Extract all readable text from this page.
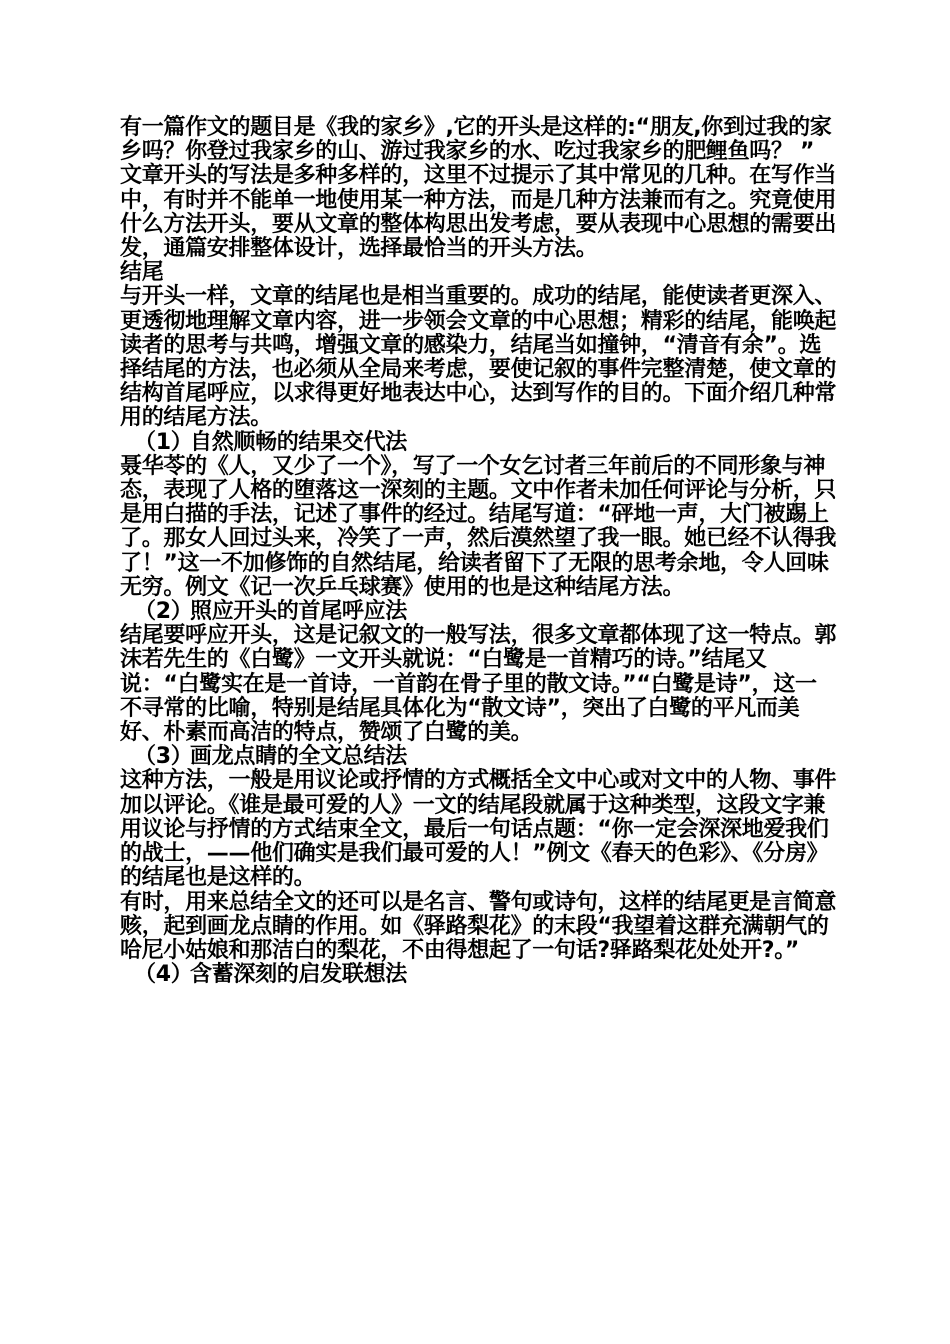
有一篇作文的题目是《我的家乡》,它的开头是这样的:“朋友,你到过我的家乡吗？你登过我家乡的山、游过我家乡的水、吃过我家乡的肥鲤鱼吗？ ”

文章开头的写法是多种多样的，这里不过提示了其中常见的几种。在写作当中，有时并不能单一地使用某一种方法，而是几种方法兼而有之。究竟使用什么方法开头，要从文章的整体构思出发考虑，要从表现中心思想的需要出发，通篇安排整体设计，选择最恰当的开头方法。

结尾

与开头一样，文章的结尾也是相当重要的。成功的结尾，能使读者更深入、更透彻地理解文章内容，进一步领会文章的中心思想；精彩的结尾，能唤起读者的思考与共鸣，增强文章的感染力，结尾当如撞钟，“清音有余”。选择结尾的方法，也必须从全局来考虑，要使记叙的事件完整清楚，使文章的结构首尾呼应，以求得更好地表达中心，达到写作的目的。下面介绍几种常用的结尾方法。

（1）自然顺畅的结果交代法

聂华苓的《人，又少了一个》，写了一个女乞讨者三年前后的不同形象与神态，表现了人格的堕落这一深刻的主题。文中作者未加任何评论与分析，只是用白描的手法，记述了事件的经过。结尾写道：“砰地一声，大门被踢上了。那女人回过头来，冷笑了一声，然后漠然望了我一眼。她已经不认得我了！”这一不加修饰的自然结尾，给读者留下了无限的思考余地，令人回味无穷。例文《记一次乒乓球赛》使用的也是这种结尾方法。

（2）照应开头的首尾呼应法

结尾要呼应开头，这是记叙文的一般写法，很多文章都体现了这一特点。郭沫若先生的《白鹭》一文开头就说：“白鹭是一首精巧的诗。”结尾又说：“白鹭实在是一首诗，一首韵在骨子里的散文诗。”“白鹭是诗”，这一不寻常的比喻，特别是结尾具体化为“散文诗”，突出了白鹭的平凡而美好、朴素而高洁的特点，赞颂了白鹭的美。

（3）画龙点睛的全文总结法

这种方法，一般是用议论或抒情的方式概括全文中心或对文中的人物、事件加以评论。《谁是最可爱的人》一文的结尾段就属于这种类型，这段文字兼用议论与抒情的方式结束全文，最后一句话点题：“你一定会深深地爱我们的战士，——他们确实是我们最可爱的人！”例文《春天的色彩》、《分房》的结尾也是这样的。

有时，用来总结全文的还可以是名言、警句或诗句，这样的结尾更是言简意赅，起到画龙点睛的作用。如《驿路梨花》的末段“我望着这群充满朝气的哈尼小姑娘和那洁白的梨花，不由得想起了一句话?驿路梨花处处开?。”

（4）含蓄深刻的启发联想法
